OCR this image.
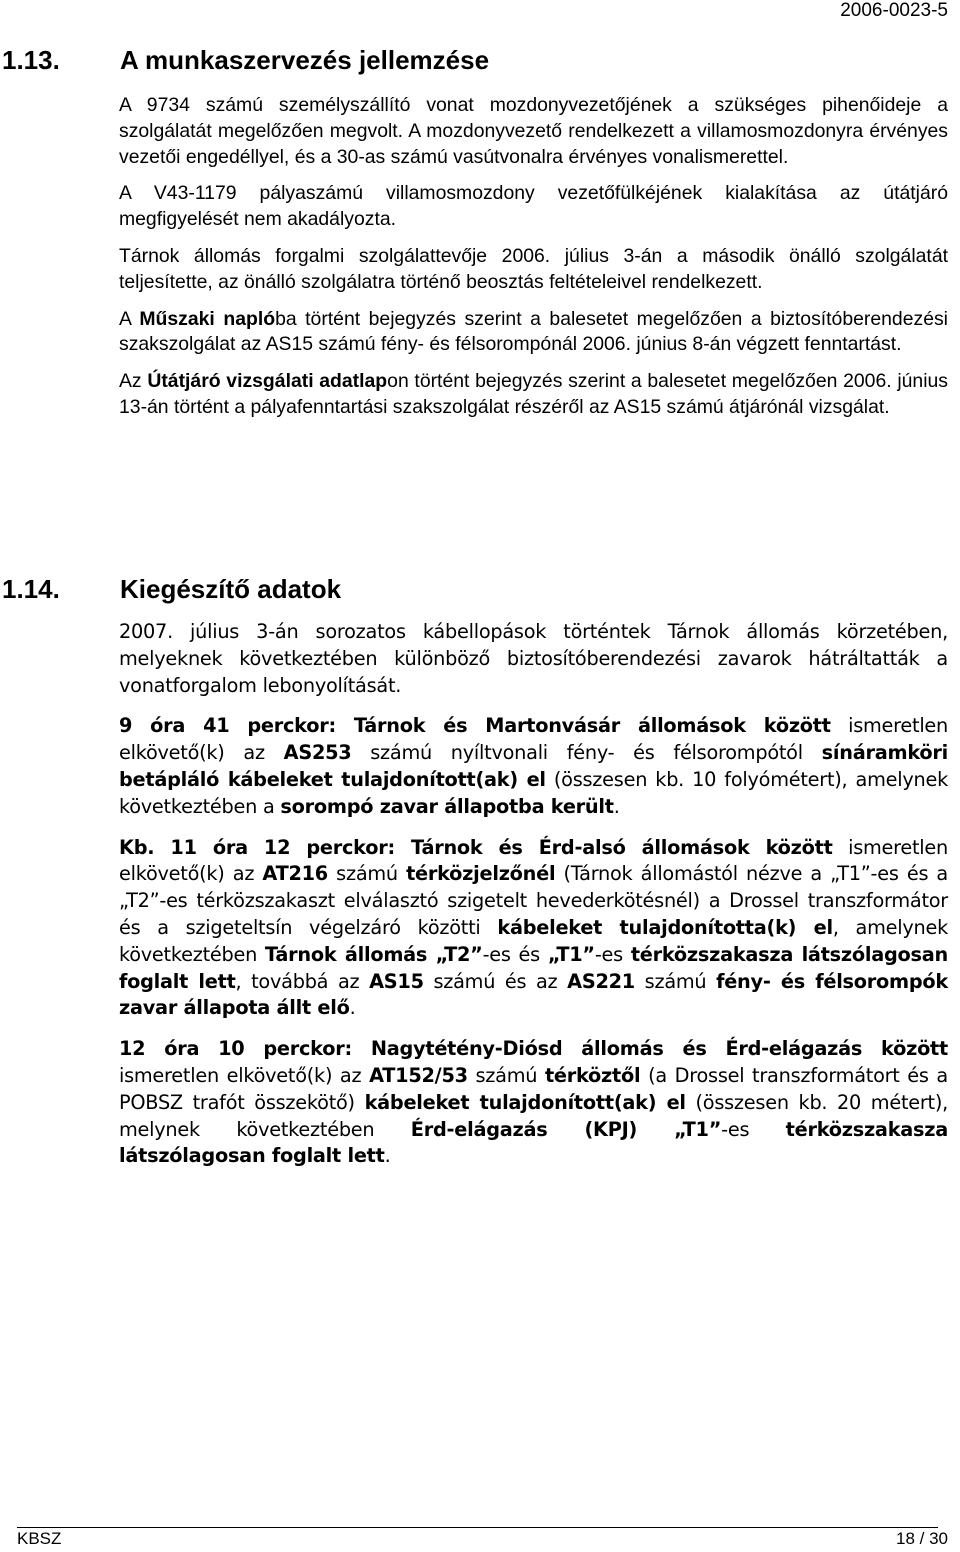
2006-0023-5
1.13. A munkaszervezés jellemzése

A 9734 számú személyszállító vonat mozdonyvezetőjének a szükséges pihenőideje a szolgálatát megelőzően megvolt. A mozdonyvezető rendelkezett a villamosmozdonyra érvényes vezetői engedéllyel, és a 30-as számú vasútvonalra érvényes vonalismerettel.

A V43-1179 pályaszámú villamosmozdony vezetőfülkéjének kialakítása az útátjáró megfigyelését nem akadályozta.

Tárnok állomás forgalmi szolgálattevője 2006. július 3-án a második önálló szolgálatát teljesítette, az önálló szolgálatra történő beosztás feltételeivel rendelkezett.

A Műszaki naplóba történt bejegyzés szerint a balesetet megelőzően a biztosítóberendezési szakszolgálat az AS15 számú fény- és félsorompónál 2006. június 8-án végzett fenntartást.

Az Útátjáró vizsgálati adatlapon történt bejegyzés szerint a balesetet megelőzően 2006. június 13-án történt a pályafenntartási szakszolgálat részéről az AS15 számú átjárónál vizsgálat.

1.14. Kiegészítő adatok

2007. július 3-án sorozatos kábellopások történtek Tárnok állomás körzetében, melyeknek következtében különböző biztosítóberendezési zavarok hátráltatták a vonatforgalom lebonyolítását.

9 óra 41 perckor: Tárnok és Martonvásár állomások között ismeretlen elkövető(k) az AS253 számú nyíltvonali fény- és félsorompótól sínáramköri betápláló kábeleket tulajdonított(ak) el (összesen kb. 10 folyómétert), amelynek következtében a sorompó zavar állapotba került.

Kb. 11 óra 12 perckor: Tárnok és Érd-alsó állomások között ismeretlen elkövető(k) az AT216 számú térközjelzőnél (Tárnok állomástól nézve a „T1”-es és a „T2”-es térközszakaszt elválasztó szigetelt hevederkötésnél) a Drossel transzformátor és a szigeteltsín végelzáró közötti kábeleket tulajdonította(k) el, amelynek következtében Tárnok állomás „T2”-es és „T1”-es térközszakasza látszólagosan foglalt lett, továbbá az AS15 számú és az AS221 számú fény- és félsorompók zavar állapota állt elő.

12 óra 10 perckor: Nagytétény-Diósd állomás és Érd-elágazás között ismeretlen elkövető(k) az AT152/53 számú térköztől (a Drossel transzformátort és a POBSZ trafót összekötő) kábeleket tulajdonított(ak) el (összesen kb. 20 métert), melynek következtében Érd-elágazás (KPJ) „T1”-es térközszakasza látszólagosan foglalt lett.

KBSZ	18 / 30
